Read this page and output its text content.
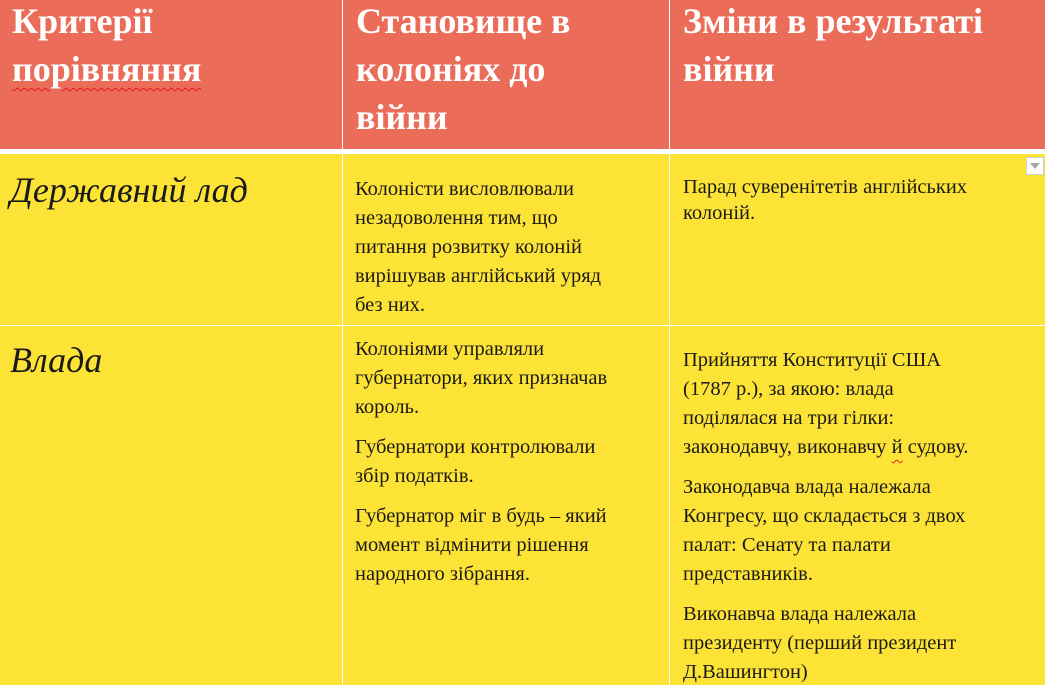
Критерії
порівняння
Становище в
колоніях до
війни
Зміни в результаті
війни
Державний лад	Колоністи висловлювали
незадоволення тим, що
питання розвитку колоній
вирішував англійський уряд
без них.

Парад суверенітетів англійських
колоній.

Влада	Колоніями управляли
губернатори, яких призначав
король.

Губернатори контролювали
збір податків.

Губернатор міг в будь – який
момент відмінити рішення
народного зібрання.

Прийняття Конституції США
(1787 р.), за якою: влада
поділялася на три гілки:
законодавчу, виконавчу й судову.

Законодавча влада належала
Конгресу, що складається з двох
палат: Сенату та палати
представників.

Виконавча влада належала
президенту (перший президент
Д.Вашингтон)
